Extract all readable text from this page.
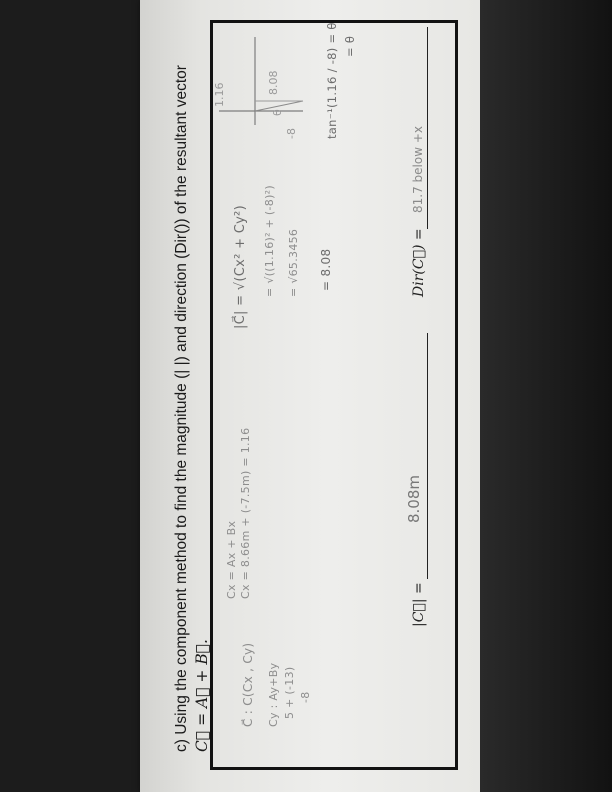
c) Using the component method to find the magnitude (| |) and direction (Dir()) of the resultant vector C⃗ = A⃗ + B⃗.	C⃗ : C(Cx , Cy)
Cx = Ax + Bx Cx = 8.66m + (-7.5m) = 1.16
Cy : Ay+By 5 + (-13) -8
|C⃗| = √(Cx² + Cy²) = √((1.16)² + (-8)²) = √65.3456 = 8.08
1.16
-8
8.08
θ	tan⁻¹(1.16 / -8) = θ = θ
|C⃗| =
8.08m
Dir(C⃗) =
81.7 below +x
